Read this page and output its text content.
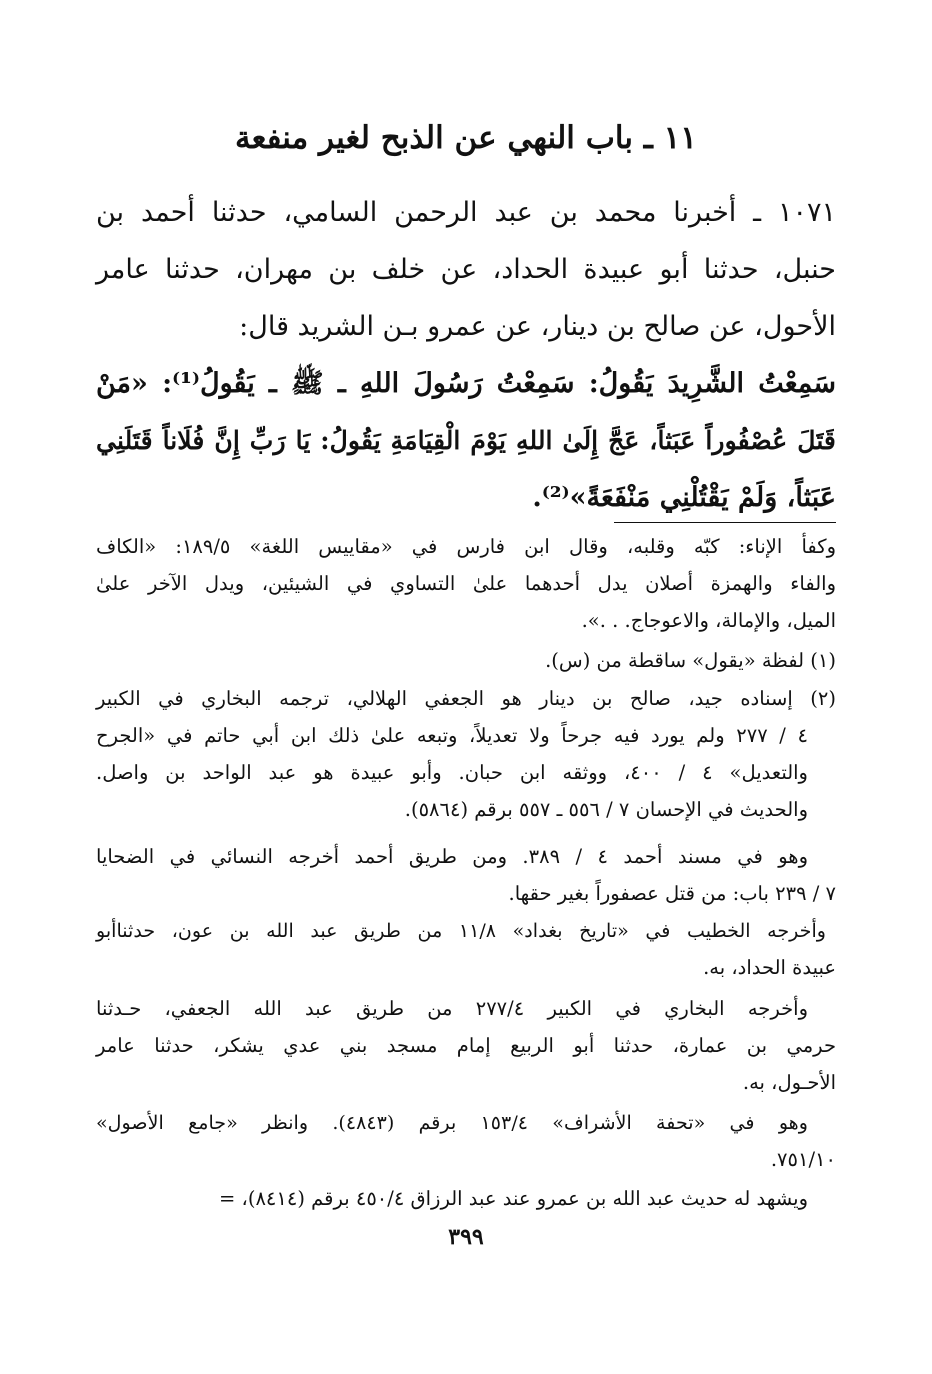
١١ ـ باب النهي عن الذبح لغير منفعة
١٠٧١ ـ أخبرنا محمد بن عبد الرحمن السامي، حدثنا أحمد بن
حنبل، حدثنا أبو عبيدة الحداد، عن خلف بن مهران، حدثنا عامر
الأحول، عن صالح بن دينار، عن عمرو بـن الشريد قال:
سَمِعْتُ الشَّرِيدَ يَقُولُ: سَمِعْتُ رَسُولَ اللهِ ـ ﷺ ـ يَقُولُ⁽¹⁾: «مَنْ
قَتَلَ عُصْفُوراً عَبَثاً، عَجَّ إِلَىٰ اللهِ يَوْمَ الْقِيَامَةِ يَقُولُ: يَا رَبِّ إِنَّ فُلَاناً قَتَلَنِي
عَبَثاً، وَلَمْ يَقْتُلْنِي مَنْفَعَةً»⁽²⁾.
وكفأ الإناء: كبّه وقلبه، وقال ابن فارس في «مقاييس اللغة» ١٨٩/٥: «الكاف
والفاء والهمزة أصلان يدل أحدهما علىٰ التساوي في الشيئين، ويدل الآخر علىٰ
الميل، والإمالة، والاعوجاج. . .».
(١) لفظة «يقول» ساقطة من (س).
(٢) إسناده جيد، صالح بن دينار هو الجعفي الهلالي، ترجمه البخاري في الكبير
٤ / ٢٧٧ ولم يورد فيه جرحاً ولا تعديلاً، وتبعه علىٰ ذلك ابن أبي حاتم في «الجرح
والتعديل» ٤ / ٤٠٠، ووثقه ابن حبان. وأبو عبيدة هو عبد الواحد بن واصل.
والحديث في الإحسان ٧ / ٥٥٦ ـ ٥٥٧ برقم (٥٨٦٤).
وهو في مسند أحمد ٤ / ٣٨٩. ومن طريق أحمد أخرجه النسائي في الضحايا
٧ / ٢٣٩ باب: من قتل عصفوراً بغير حقها.
وأخرجه الخطيب في «تاريخ بغداد» ١١/٨ من طريق عبد الله بن عون، حدثناأبو
عبيدة الحداد، به.
وأخرجه البخاري في الكبير ٢٧٧/٤ من طريق عبد الله الجعفي، حـدثنا
حرمي بن عمارة، حدثنا أبو الربيع إمام مسجد بني عدي يشكر، حدثنا عامر
الأحـول، به.
وهو في «تحفة الأشراف» ١٥٣/٤ برقم (٤٨٤٣). وانظر «جامع الأصول»
٧٥١/١٠.
ويشهد له حديث عبد الله بن عمرو عند عبد الرزاق ٤٥٠/٤ برقم (٨٤١٤)، =
٣٩٩
